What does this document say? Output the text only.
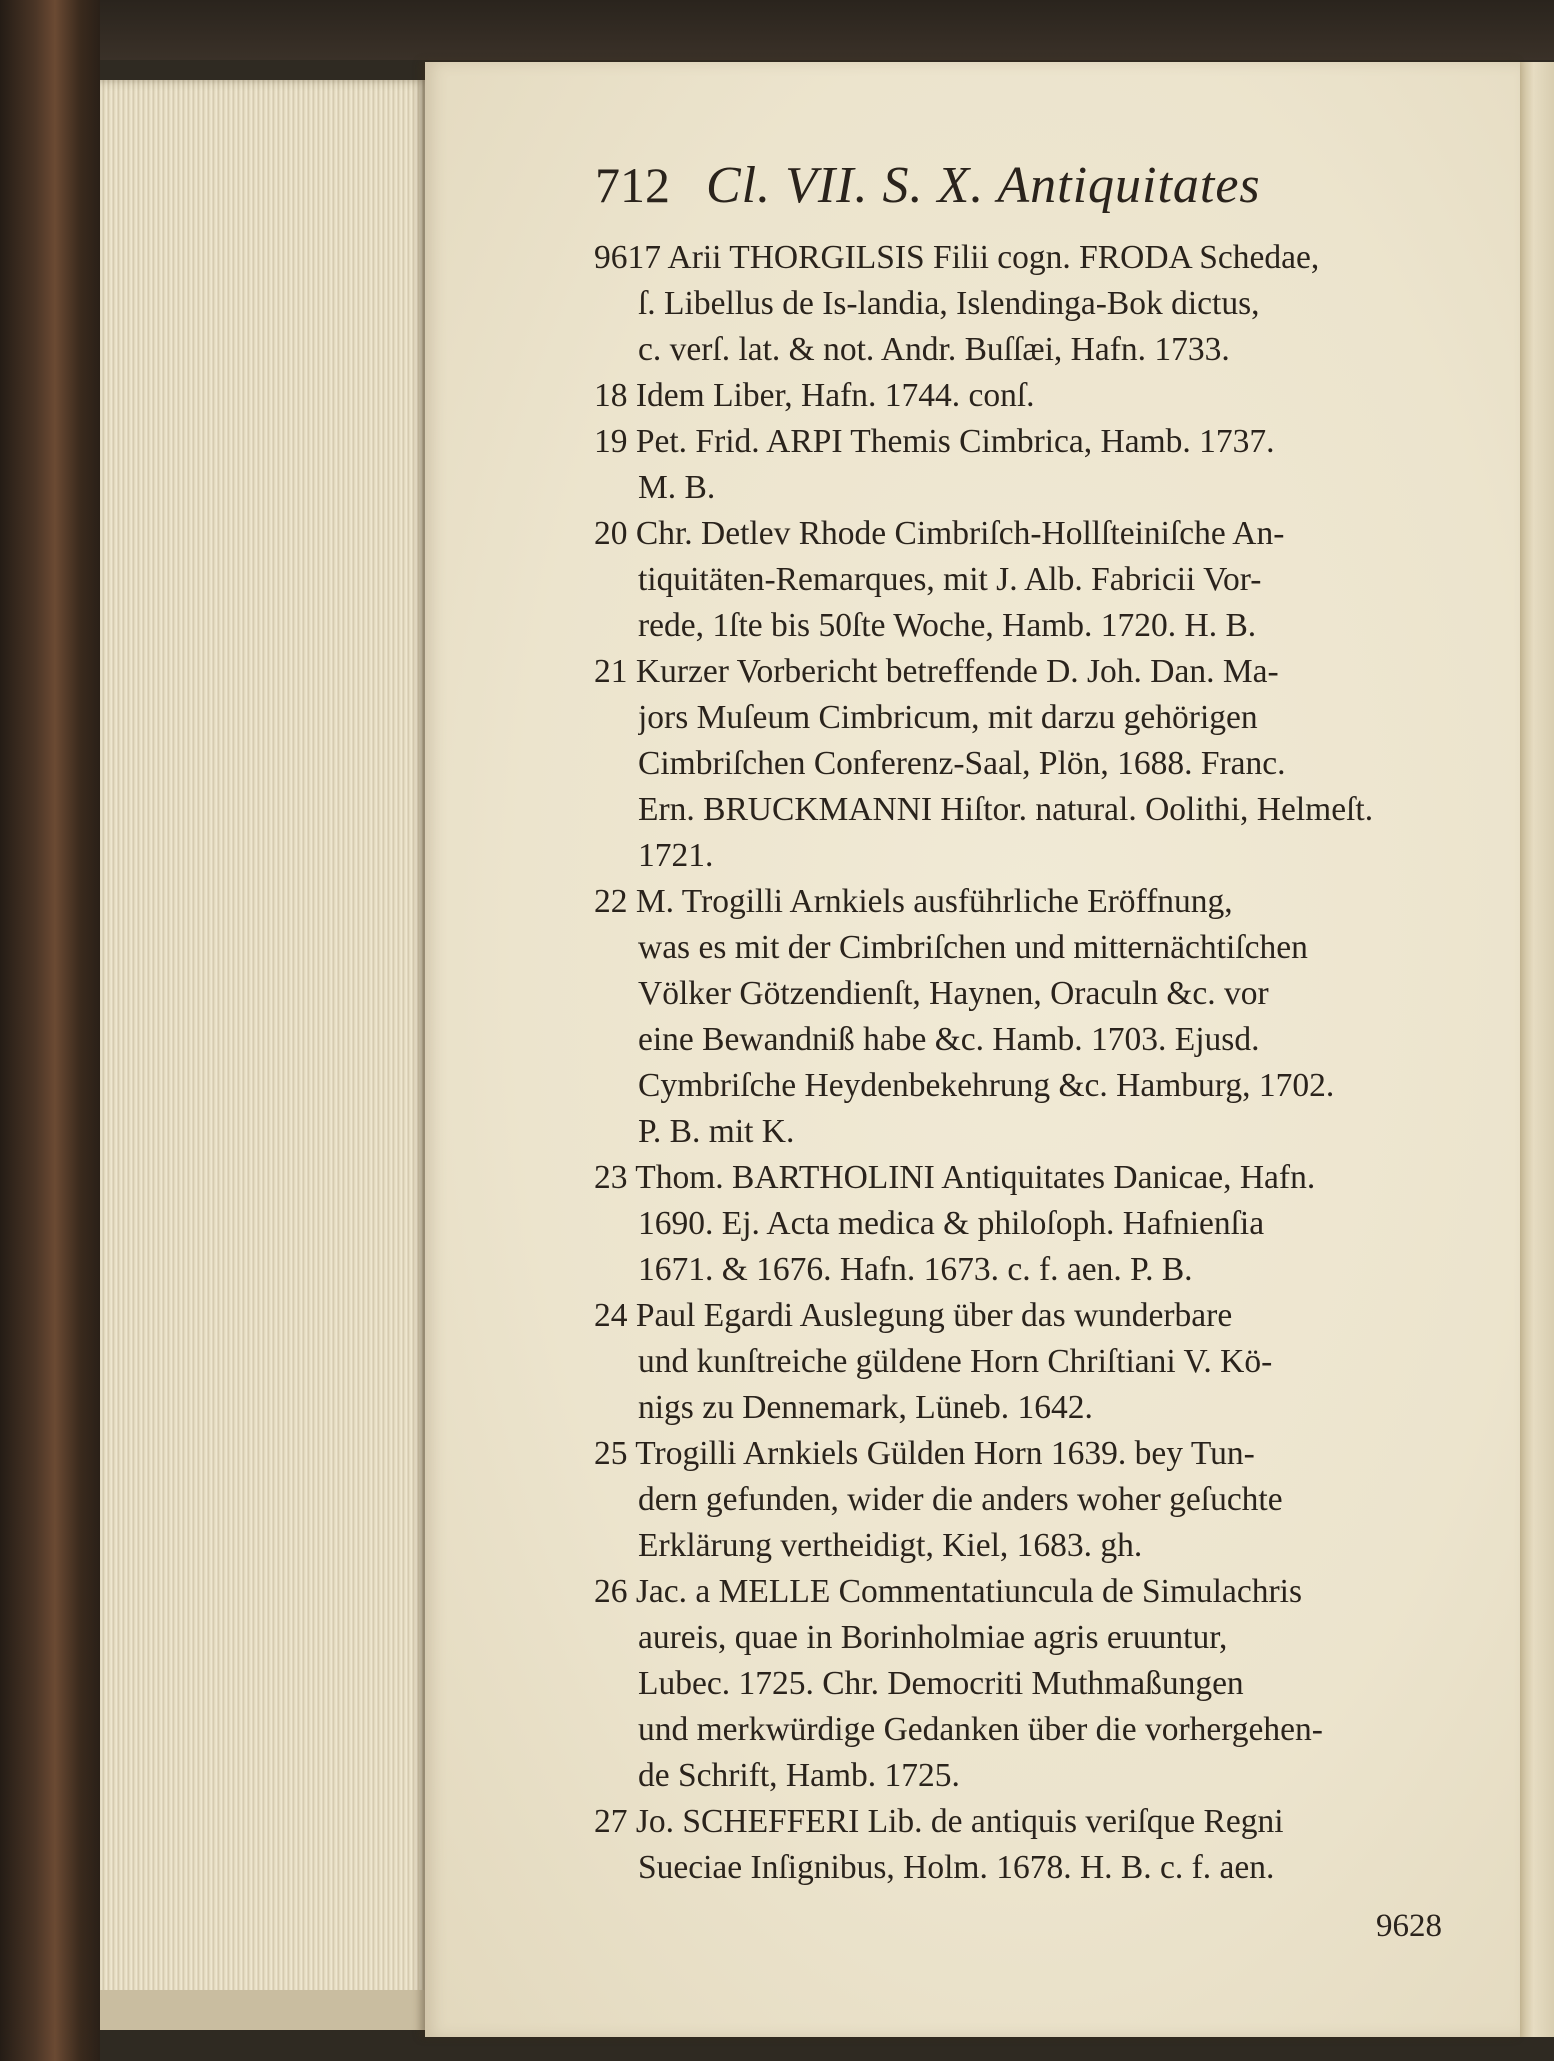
712 Cl. VII. S. X. Antiquitates
9617 Arii THORGILSIS Filii cogn. FRODA Schedae,
ſ. Libellus de Is-landia, Islendinga-Bok dictus,
c. verſ. lat. & not. Andr. Buſſæi, Hafn. 1733.
18 Idem Liber, Hafn. 1744. conſ.
19 Pet. Frid. ARPI Themis Cimbrica, Hamb. 1737.
M. B.
20 Chr. Detlev Rhode Cimbriſch-Hollſteiniſche An-
tiquitäten-Remarques, mit J. Alb. Fabricii Vor-
rede, 1ſte bis 50ſte Woche, Hamb. 1720. H. B.
21 Kurzer Vorbericht betreffende D. Joh. Dan. Ma-
jors Muſeum Cimbricum, mit darzu gehörigen
Cimbriſchen Conferenz-Saal, Plön, 1688. Franc.
Ern. BRUCKMANNI Hiſtor. natural. Oolithi, Helmeſt.
1721.
22 M. Trogilli Arnkiels ausführliche Eröffnung,
was es mit der Cimbriſchen und mitternächtiſchen
Völker Götzendienſt, Haynen, Oraculn &c. vor
eine Bewandniß habe &c. Hamb. 1703. Ejusd.
Cymbriſche Heydenbekehrung &c. Hamburg, 1702.
P. B. mit K.
23 Thom. BARTHOLINI Antiquitates Danicae, Hafn.
1690. Ej. Acta medica & philoſoph. Hafnienſia
1671. & 1676. Hafn. 1673. c. f. aen. P. B.
24 Paul Egardi Auslegung über das wunderbare
und kunſtreiche güldene Horn Chriſtiani V. Kö-
nigs zu Dennemark, Lüneb. 1642.
25 Trogilli Arnkiels Gülden Horn 1639. bey Tun-
dern gefunden, wider die anders woher geſuchte
Erklärung vertheidigt, Kiel, 1683. gh.
26 Jac. a MELLE Commentatiuncula de Simulachris
aureis, quae in Borinholmiae agris eruuntur,
Lubec. 1725. Chr. Democriti Muthmaßungen
und merkwürdige Gedanken über die vorhergehen-
de Schrift, Hamb. 1725.
27 Jo. SCHEFFERI Lib. de antiquis veriſque Regni
Sueciae Inſignibus, Holm. 1678. H. B. c. f. aen.
9628
